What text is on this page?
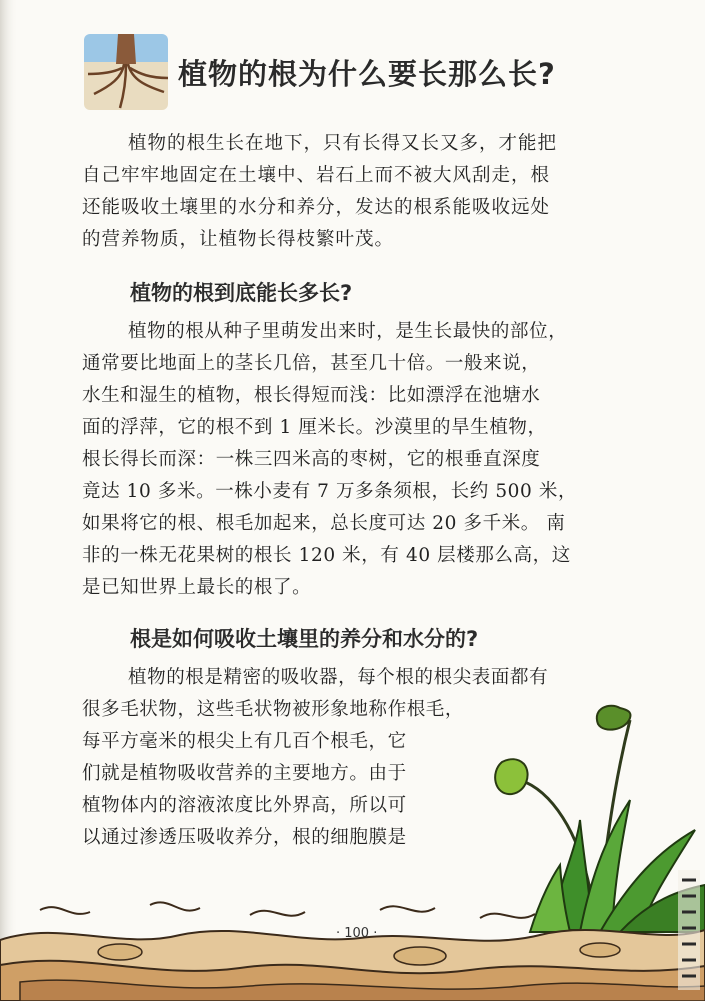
植物的根为什么要长那么长?

植物的根生长在地下，只有长得又长又多，才能把
自己牢牢地固定在土壤中、岩石上而不被大风刮走，根
还能吸收土壤里的水分和养分，发达的根系能吸收远处
的营养物质，让植物长得枝繁叶茂。

植物的根到底能长多长?

植物的根从种子里萌发出来时，是生长最快的部位，
通常要比地面上的茎长几倍，甚至几十倍。一般来说，
水生和湿生的植物，根长得短而浅：比如漂浮在池塘水
面的浮萍，它的根不到 1 厘米长。沙漠里的旱生植物，
根长得长而深：一株三四米高的枣树，它的根垂直深度
竟达 10 多米。一株小麦有 7 万多条须根，长约 500 米，
如果将它的根、根毛加起来，总长度可达 20 多千米。 南
非的一株无花果树的根长 120 米，有 40 层楼那么高，这
是已知世界上最长的根了。

根是如何吸收土壤里的养分和水分的?

植物的根是精密的吸收器，每个根的根尖表面都有
很多毛状物，这些毛状物被形象地称作根毛，
每平方毫米的根尖上有几百个根毛，它
们就是植物吸收营养的主要地方。由于
植物体内的溶液浓度比外界高，所以可
以通过渗透压吸收养分，根的细胞膜是

· 100 ·
